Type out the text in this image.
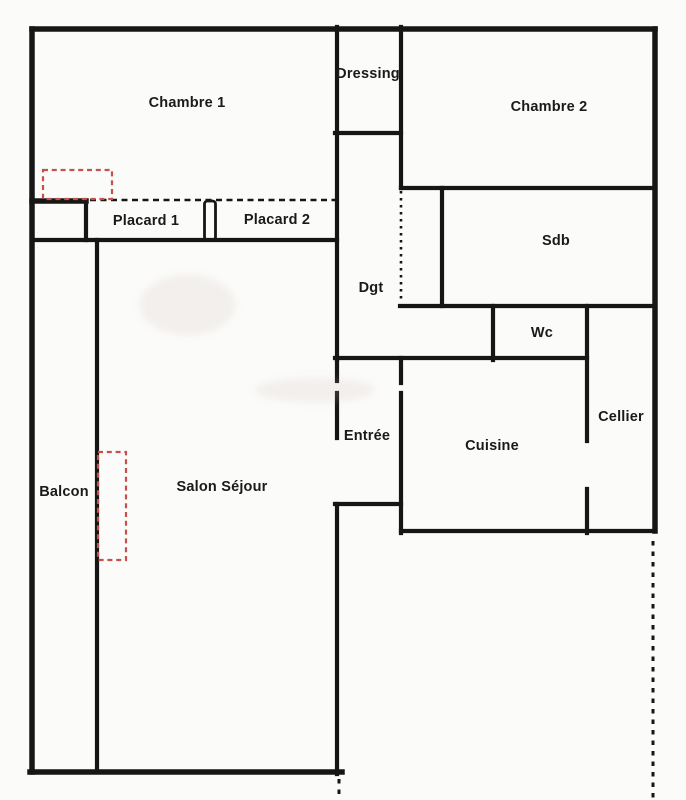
Chambre 1
Dressing
Chambre 2
Placard 1	Placard 2
Dgt
Sdb
Wc
Entrée
Cuisine
Cellier
Balcon	Salon Séjour
